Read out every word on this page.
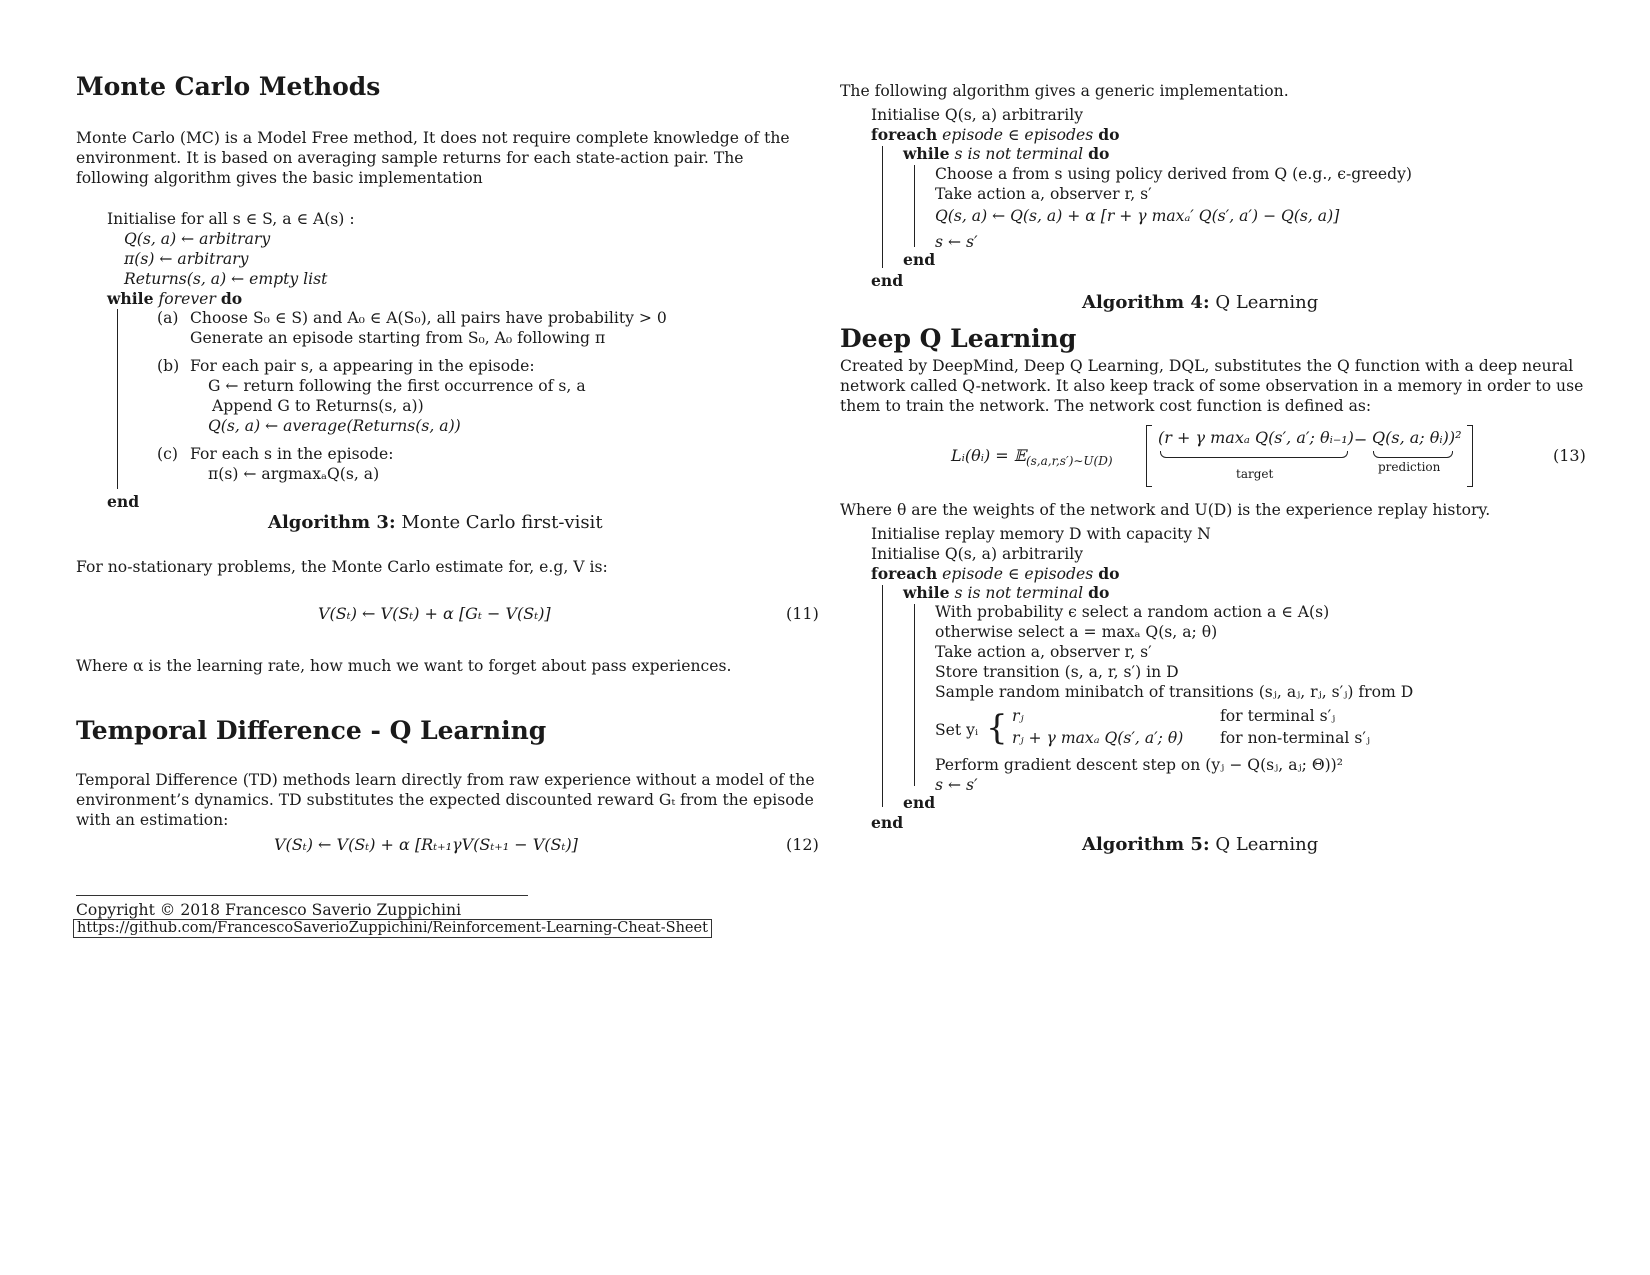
Monte Carlo Methods
Monte Carlo (MC) is a Model Free method, It does not require complete knowledge of the
environment. It is based on averaging sample returns for each state-action pair. The
following algorithm gives the basic implementation
Initialise for all s ∈ S, a ∈ A(s) :
Q(s, a) ← arbitrary
π(s) ← arbitrary
Returns(s, a) ← empty list
while forever do
(a) Choose S₀ ∈ S) and A₀ ∈ A(S₀), all pairs have probability > 0
Generate an episode starting from S₀, A₀ following π
(b) For each pair s, a appearing in the episode:
G ← return following the first occurrence of s, a
Append G to Returns(s, a))
Q(s, a) ← average(Returns(s, a))
(c) For each s in the episode:
π(s) ← argmaxₐQ(s, a)
end
Algorithm 3: Monte Carlo first-visit
For no-stationary problems, the Monte Carlo estimate for, e.g, V is:
V(Sₜ) ← V(Sₜ) + α [Gₜ − V(Sₜ)]	(11)
Where α is the learning rate, how much we want to forget about pass experiences.
Temporal Difference - Q Learning
Temporal Difference (TD) methods learn directly from raw experience without a model of the
environment’s dynamics. TD substitutes the expected discounted reward Gₜ from the episode
with an estimation:
V(Sₜ) ← V(Sₜ) + α [Rₜ₊₁γV(Sₜ₊₁ − V(Sₜ)]	(12)
Copyright © 2018 Francesco Saverio Zuppichini
https://github.com/FrancescoSaverioZuppichini/Reinforcement-Learning-Cheat-Sheet
The following algorithm gives a generic implementation.
Initialise Q(s, a) arbitrarily
foreach episode ∈ episodes do
while s is not terminal do
Choose a from s using policy derived from Q (e.g., ϵ-greedy)
Take action a, observer r, s′
Q(s, a) ← Q(s, a) + α [r + γ maxₐ′ Q(s′, a′) − Q(s, a)]
s ← s′
end
end
Algorithm 4: Q Learning
Deep Q Learning
Created by DeepMind, Deep Q Learning, DQL, substitutes the Q function with a deep neural
network called Q-network. It also keep track of some observation in a memory in order to use
them to train the network. The network cost function is defined as:
Lᵢ(θᵢ) = 𝔼$_{(s,a,r,s')\sim U(D)}$
(r + γ maxₐ Q(s′, a′; θᵢ₋₁) − Q(s, a; θᵢ))²
target	prediction
(13)
Where θ are the weights of the network and U(D) is the experience replay history.
Initialise replay memory D with capacity N
Initialise Q(s, a) arbitrarily
foreach episode ∈ episodes do
while s is not terminal do
With probability ϵ select a random action a ∈ A(s)
otherwise select a = maxₐ Q(s, a; θ)
Take action a, observer r, s′
Store transition (s, a, r, s′) in D
Sample random minibatch of transitions (sⱼ, aⱼ, rⱼ, s′ⱼ) from D
Set yᵢ { rⱼ	for terminal s′ⱼ
rⱼ + γ maxₐ Q(s′, a′; θ) for non-terminal s′ⱼ
Perform gradient descent step on (yⱼ − Q(sⱼ, aⱼ; Θ))²
s ← s′
end
end
Algorithm 5: Q Learning
